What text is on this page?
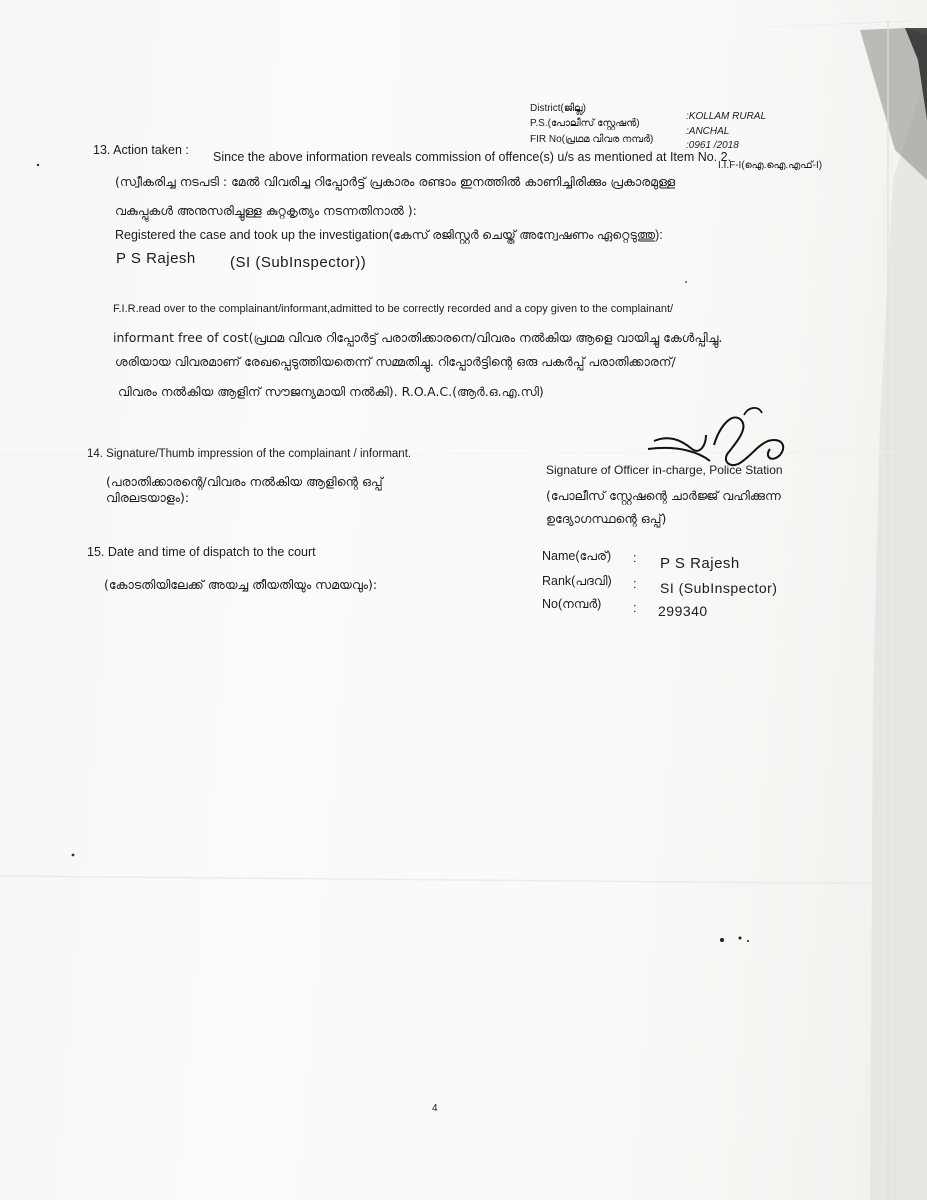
District(ജില്ല)
:KOLLAM RURAL
P.S.(പോലീസ് സ്റ്റേഷൻ)
:ANCHAL
FIR No(പ്രഥമ വിവര നമ്പർ)
:0961 /2018
I.I.F-I(ഐ.ഐ.എഫ്-I)
13. Action taken : Since the above information reveals commission of offence(s) u/s as mentioned at Item No. 2.
(സ്വീകരിച്ച നടപടി : മേൽ വിവരിച്ച റിപ്പോർട്ട് പ്രകാരം രണ്ടാം ഇനത്തിൽ കാണിച്ചിരിക്കും പ്രകാരമുള്ള
വകുപ്പുകൾ അനുസരിച്ചുള്ള കുറ്റകൃത്യം നടന്നതിനാൽ ):
Registered the case and took up the investigation(കേസ് രജിസ്റ്റർ ചെയ്ത് അന്വേഷണം ഏറ്റെടുത്തു):
P S Rajesh (SI (SubInspector))
F.I.R.read over to the complainant/informant,admitted to be correctly recorded and a copy given to the complainant/
informant free of cost(പ്രഥമ വിവര റിപ്പോർട്ട് പരാതിക്കാരനെ/വിവരം നൽകിയ ആളെ വായിച്ചു കേൾപ്പിച്ചു.
ശരിയായ വിവരമാണ് രേഖപ്പെടുത്തിയതെന്ന് സമ്മതിച്ചു. റിപ്പോർട്ടിന്റെ ഒരു പകർപ്പ് പരാതിക്കാരന്/
വിവരം നൽകിയ ആളിന് സൗജന്യമായി നൽകി). R.O.A.C.(ആർ.ഒ.എ.സി)
14. Signature/Thumb impression of the complainant / informant.
(പരാതിക്കാരന്റെ/വിവരം നൽകിയ ആളിന്റെ ഒപ്പ്
വിരലടയാളം):
Signature of Officer in-charge, Police Station
(പോലീസ് സ്റ്റേഷന്റെ ചാർജ്ജ് വഹിക്കുന്ന
ഉദ്യോഗസ്ഥന്റെ ഒപ്പ്)
15. Date and time of dispatch to the court
(കോടതിയിലേക്ക് അയച്ച തീയതിയും സമയവും):
Name(പേര്) : P S Rajesh
Rank(പദവി) : SI (SubInspector)
No(നമ്പർ)	: 299340
4
